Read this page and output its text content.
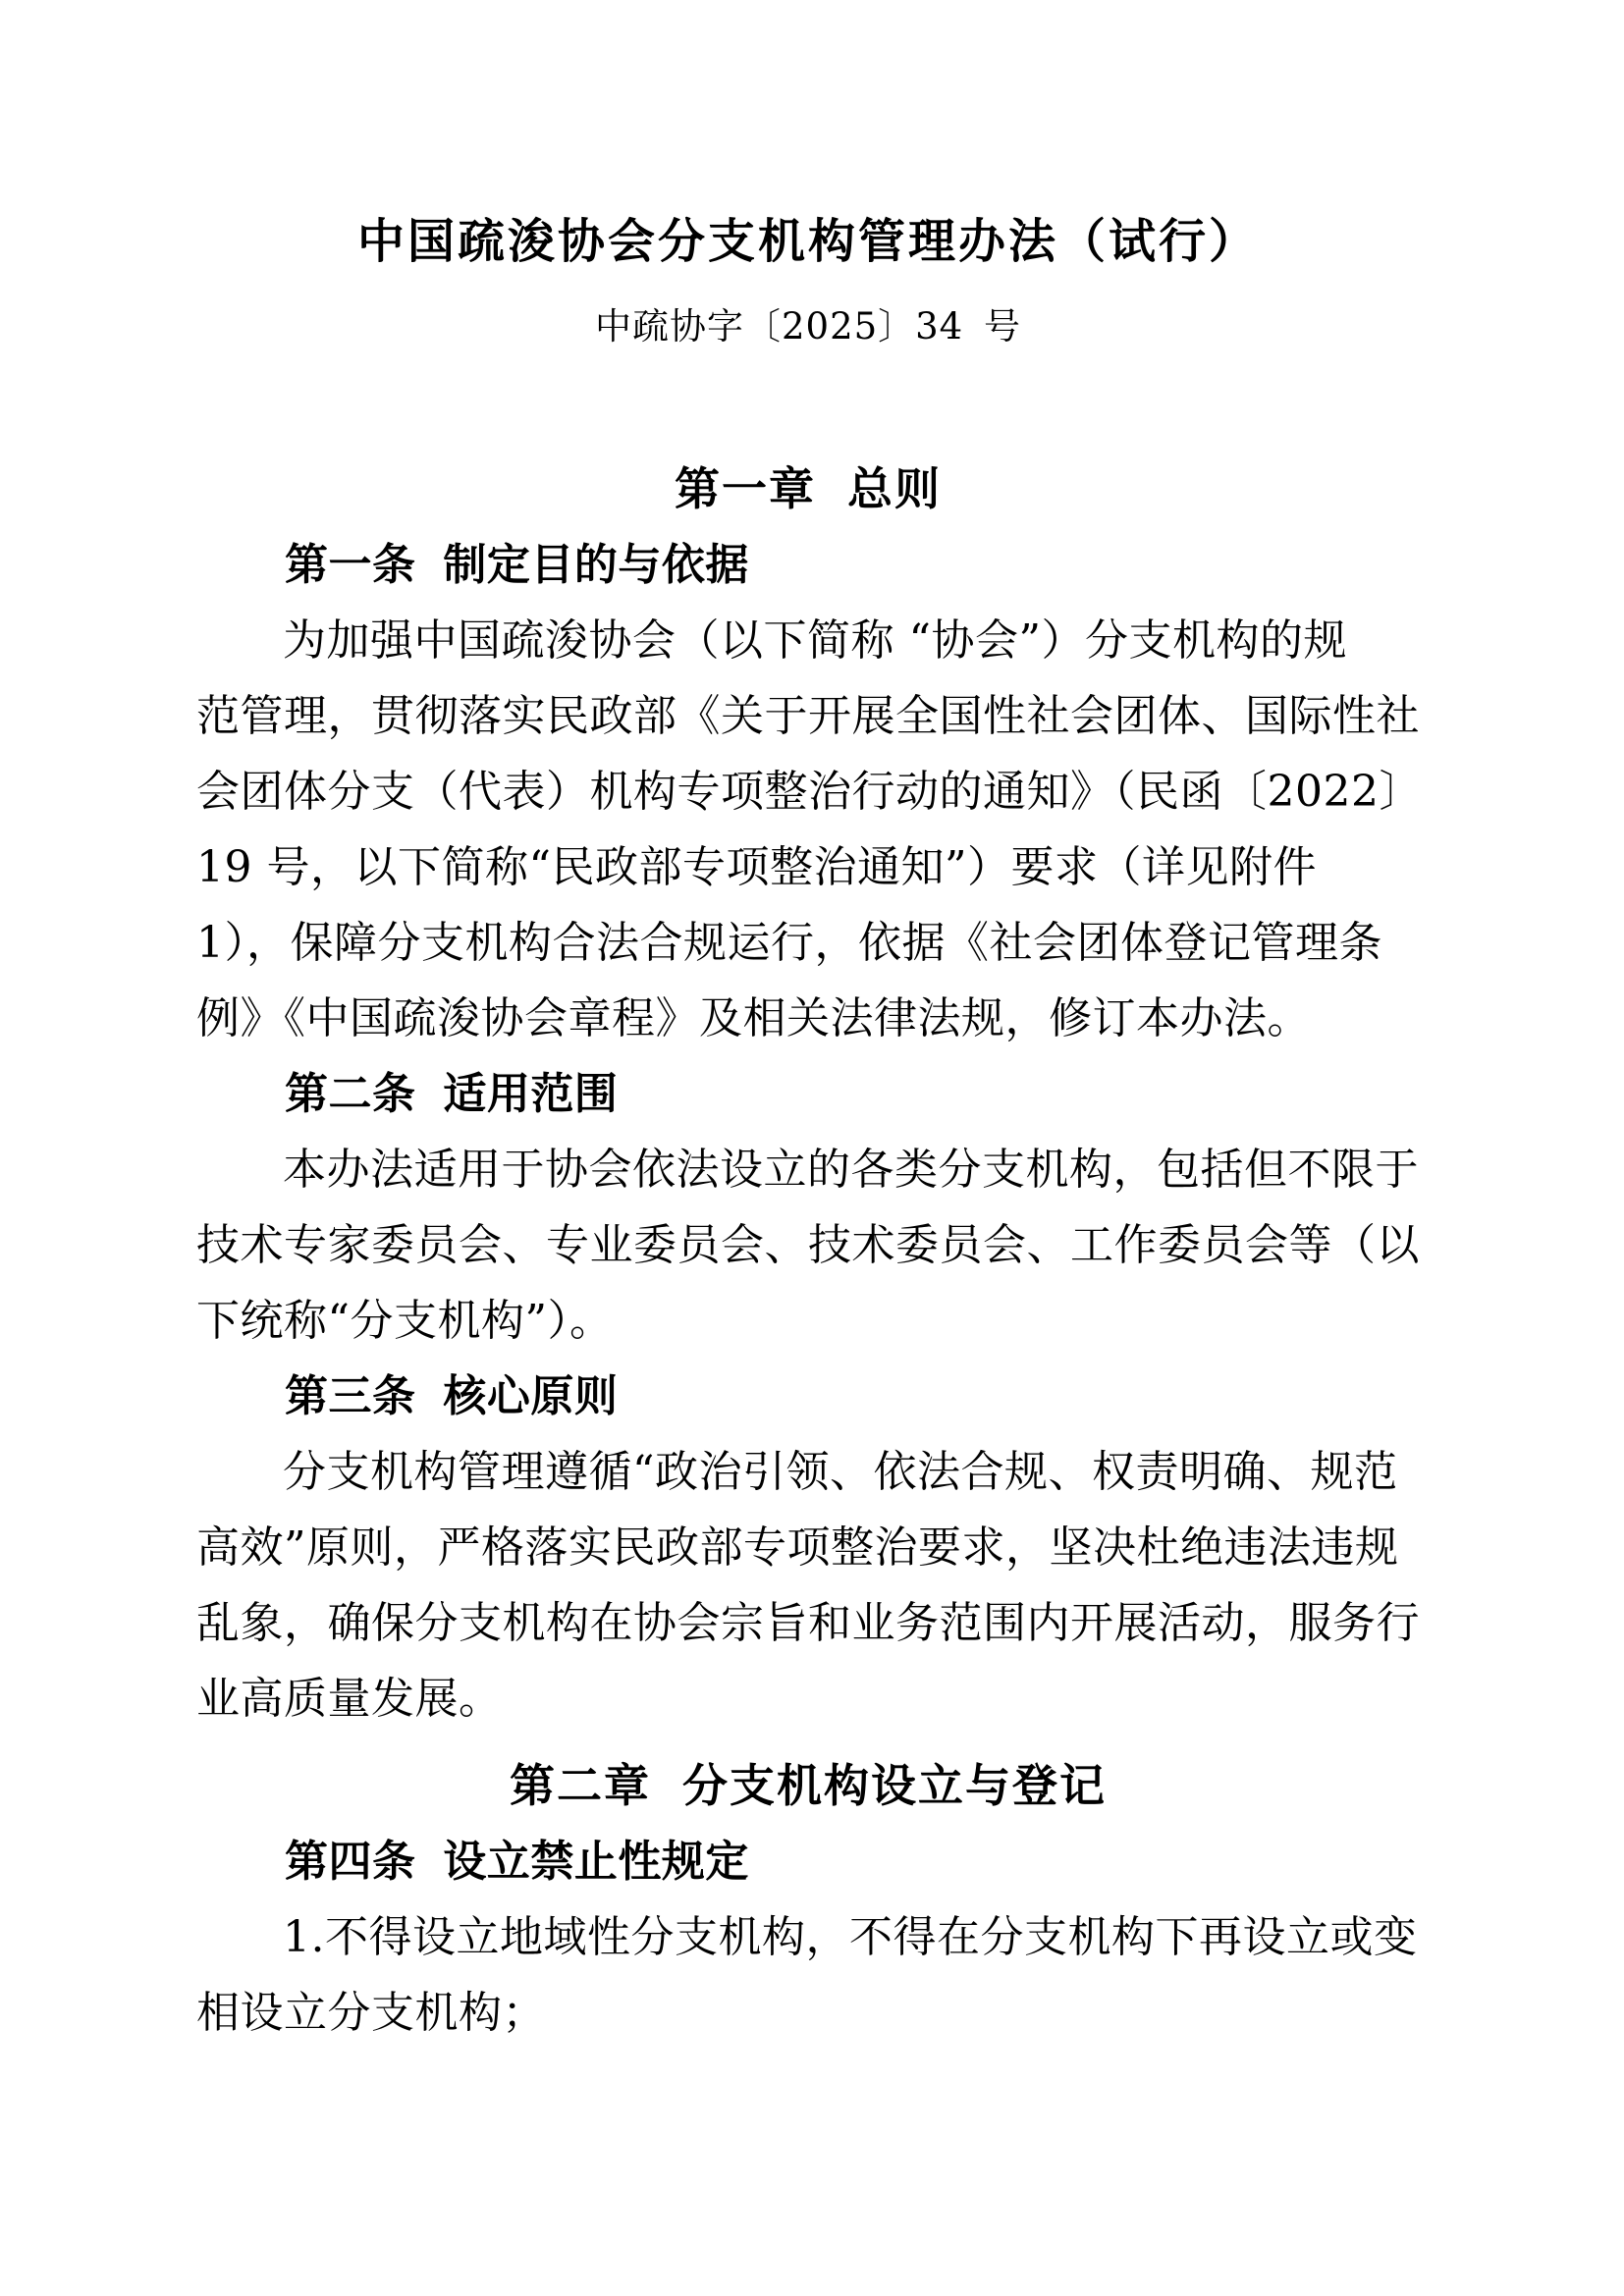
中国疏浚协会分支机构管理办法（试行）
中疏协字〔2025〕34 号
第一章 总则
第一条 制定目的与依据
为加强中国疏浚协会（以下简称 “协会”）分支机构的规
范管理，贯彻落实民政部《关于开展全国性社会团体、国际性社
会团体分支（代表）机构专项整治行动的通知》（民函〔2022〕
19 号，以下简称“民政部专项整治通知”）要求（详见附件
1），保障分支机构合法合规运行，依据《社会团体登记管理条
例》《中国疏浚协会章程》及相关法律法规，修订本办法。
第二条 适用范围
本办法适用于协会依法设立的各类分支机构，包括但不限于
技术专家委员会、专业委员会、技术委员会、工作委员会等（以
下统称“分支机构”）。
第三条 核心原则
分支机构管理遵循“政治引领、依法合规、权责明确、规范
高效”原则，严格落实民政部专项整治要求，坚决杜绝违法违规
乱象，确保分支机构在协会宗旨和业务范围内开展活动，服务行
业高质量发展。
第二章 分支机构设立与登记
第四条 设立禁止性规定
1.不得设立地域性分支机构，不得在分支机构下再设立或变
相设立分支机构；
